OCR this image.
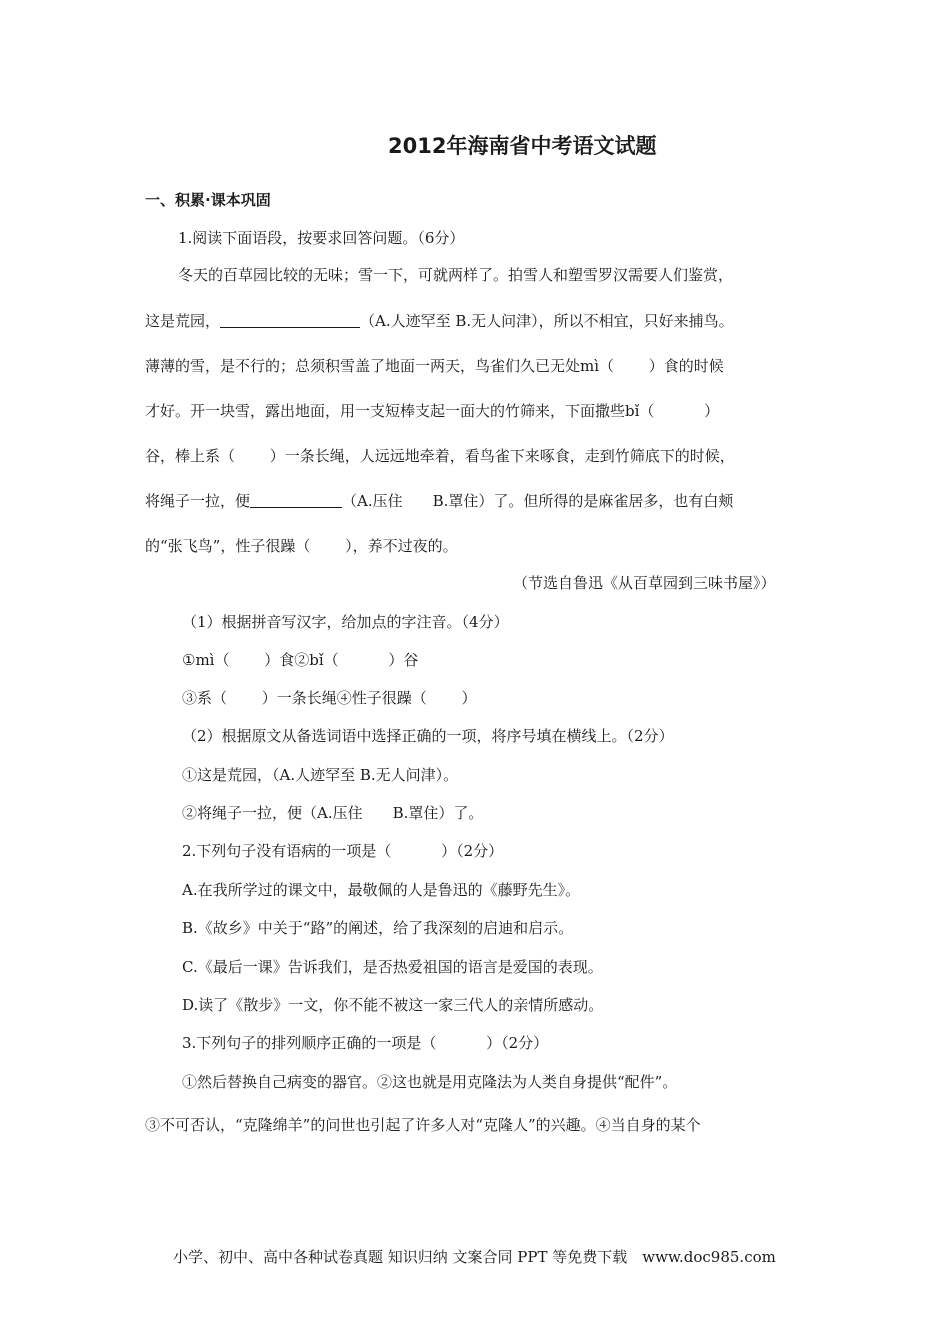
2012年海南省中考语文试题
一、积累·课本巩固
1.阅读下面语段，按要求回答问题。（6分）
冬天的百草园比较的无味；雪一下，可就两样了。拍雪人和塑雪罗汉需要人们鉴赏，
这是荒园，	（A.人迹罕至 B.无人问津），所以不相宜，只好来捕鸟。
薄薄的雪，是不行的；总须积雪盖了地面一两天，鸟雀们久已无处mì（　　 ）食的时候
才好。开一块雪，露出地面，用一支短棒支起一面大的竹筛来，下面撒些bǐ（　　　 ）
谷，棒上系（　　 ）一条长绳，人远远地牵着，看鸟雀下来啄食，走到竹筛底下的时候，
将绳子一拉，便	（A.压住　　B.罩住）了。但所得的是麻雀居多，也有白颊
的“张飞鸟”，性子很躁（　　 ），养不过夜的。
（节选自鲁迅《从百草园到三味书屋》）
（1）根据拼音写汉字，给加点的字注音。（4分）
①mì（　　 ）食②bǐ（　　　 ）谷
③系（　　 ）一条长绳④性子很躁（　　 ）
（2）根据原文从备选词语中选择正确的一项，将序号填在横线上。（2分）
①这是荒园，（A.人迹罕至 B.无人问津）。
②将绳子一拉，便（A.压住　　B.罩住）了。
2.下列句子没有语病的一项是（　　　 ）（2分）
A.在我所学过的课文中，最敬佩的人是鲁迅的《藤野先生》。
B.《故乡》中关于“路”的阐述，给了我深刻的启迪和启示。
C.《最后一课》告诉我们，是否热爱祖国的语言是爱国的表现。
D.读了《散步》一文，你不能不被这一家三代人的亲情所感动。
3.下列句子的排列顺序正确的一项是（　　　 ）（2分）
①然后替换自己病变的器官。②这也就是用克隆法为人类自身提供“配件”。
③不可否认，“克隆绵羊”的问世也引起了许多人对“克隆人”的兴趣。④当自身的某个
小学、初中、高中各种试卷真题 知识归纳 文案合同 PPT 等免费下载　www.doc985.com
